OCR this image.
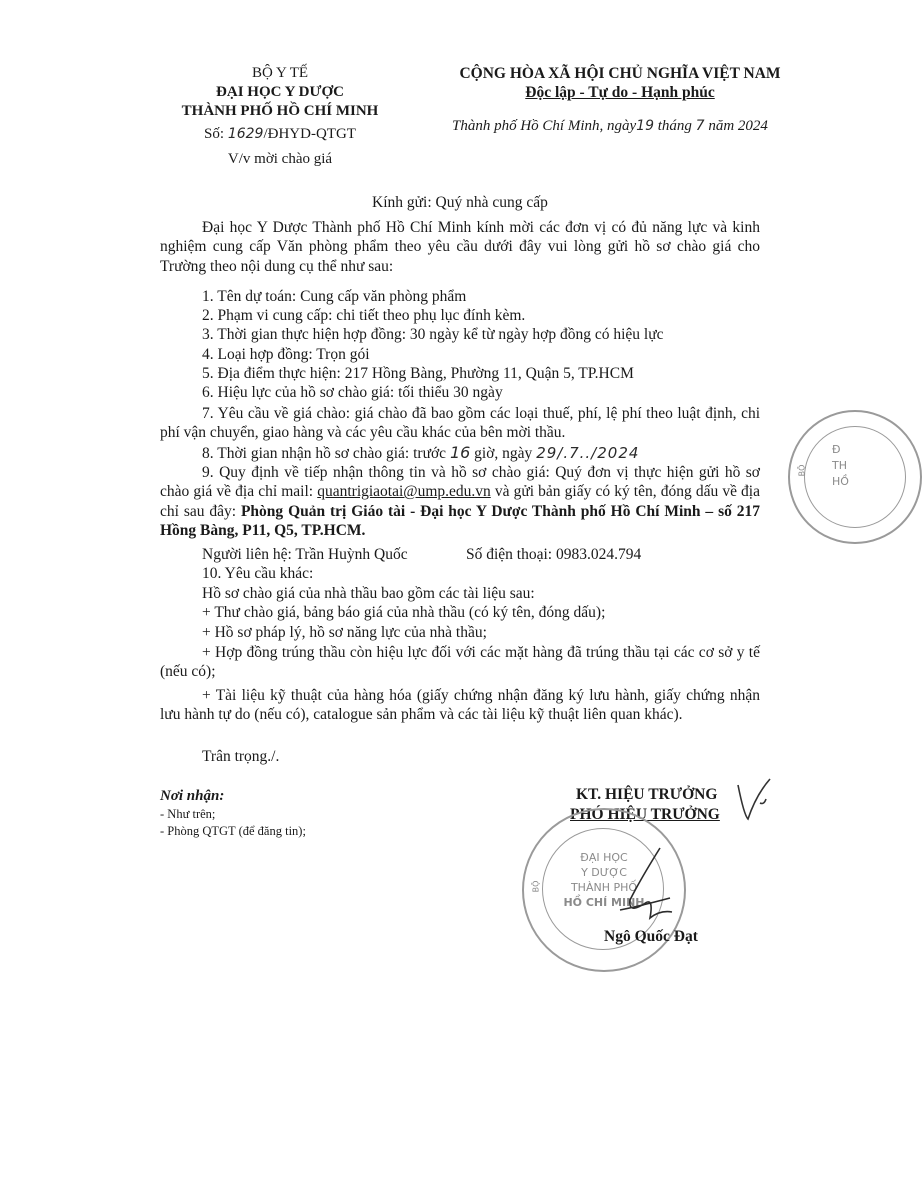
BỘ Y TẾ
ĐẠI HỌC Y DƯỢC
THÀNH PHỐ HỒ CHÍ MINH
Số: 1629/ĐHYD-QTGT
V/v mời chào giá
CỘNG HÒA XÃ HỘI CHỦ NGHĨA VIỆT NAM
Độc lập - Tự do - Hạnh phúc
Thành phố Hồ Chí Minh, ngày19 tháng 7 năm 2024
Kính gửi: Quý nhà cung cấp
Đại học Y Dược Thành phố Hồ Chí Minh kính mời các đơn vị có đủ năng lực và kinh nghiệm cung cấp Văn phòng phẩm theo yêu cầu dưới đây vui lòng gửi hồ sơ chào giá cho Trường theo nội dung cụ thể như sau:
1. Tên dự toán: Cung cấp văn phòng phẩm
2. Phạm vi cung cấp: chi tiết theo phụ lục đính kèm.
3. Thời gian thực hiện hợp đồng: 30 ngày kể từ ngày hợp đồng có hiệu lực
4. Loại hợp đồng: Trọn gói
5. Địa điểm thực hiện: 217 Hồng Bàng, Phường 11, Quận 5, TP.HCM
6. Hiệu lực của hồ sơ chào giá: tối thiểu 30 ngày
7. Yêu cầu về giá chào: giá chào đã bao gồm các loại thuế, phí, lệ phí theo luật định, chi phí vận chuyển, giao hàng và các yêu cầu khác của bên mời thầu.
8. Thời gian nhận hồ sơ chào giá: trước 16 giờ, ngày 29/.7../2024
9. Quy định về tiếp nhận thông tin và hồ sơ chào giá: Quý đơn vị thực hiện gửi hồ sơ chào giá về địa chỉ mail: quantrigiaotai@ump.edu.vn và gửi bản giấy có ký tên, đóng dấu về địa chỉ sau đây: Phòng Quản trị Giáo tài - Đại học Y Dược Thành phố Hồ Chí Minh – số 217 Hồng Bàng, P11, Q5, TP.HCM.
Người liên hệ: Trần Huỳnh Quốc	Số điện thoại: 0983.024.794
10. Yêu cầu khác:
Hồ sơ chào giá của nhà thầu bao gồm các tài liệu sau:
+ Thư chào giá, bảng báo giá của nhà thầu (có ký tên, đóng dấu);
+ Hồ sơ pháp lý, hồ sơ năng lực của nhà thầu;
+ Hợp đồng trúng thầu còn hiệu lực đối với các mặt hàng đã trúng thầu tại các cơ sở y tế (nếu có);
+ Tài liệu kỹ thuật của hàng hóa (giấy chứng nhận đăng ký lưu hành, giấy chứng nhận lưu hành tự do (nếu có), catalogue sản phẩm và các tài liệu kỹ thuật liên quan khác).
Trân trọng./.
Nơi nhận:
- Như trên;
- Phòng QTGT (để đăng tin);
KT. HIỆU TRƯỞNG
PHÓ HIỆU TRƯỞNG
ĐẠI HỌC
Y DƯỢC
THÀNH PHỐ
HỒ CHÍ MINH
BỘ
Ngô Quốc Đạt
Đ
TH
HỒ
BỘ
